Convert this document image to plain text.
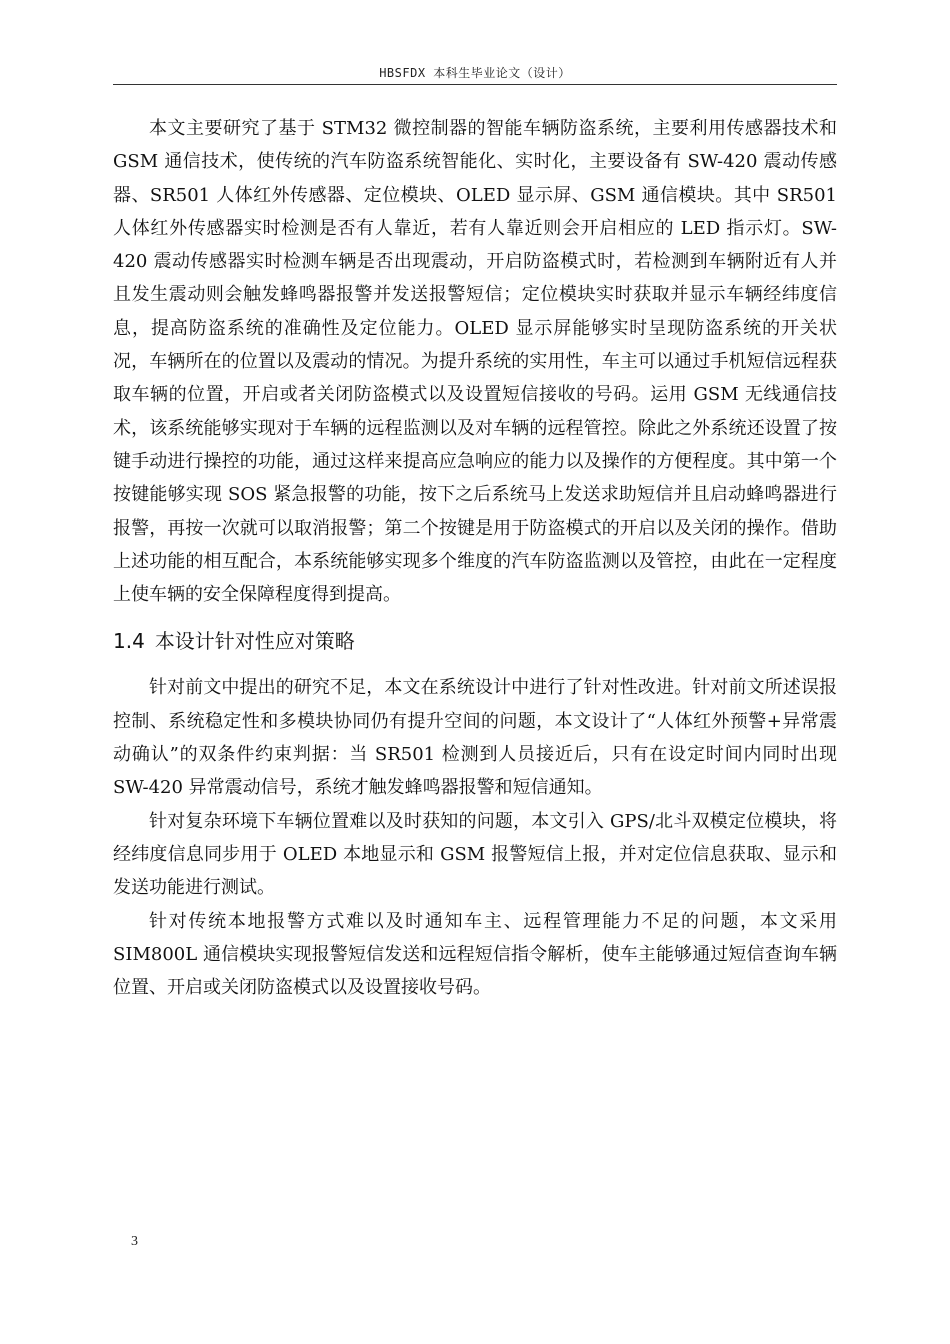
HBSFDX 本科生毕业论文（设计）

本文主要研究了基于 STM32 微控制器的智能车辆防盗系统，主要利用传感器技术和 GSM 通信技术，使传统的汽车防盗系统智能化、实时化，主要设备有 SW-420 震动传感器、SR501 人体红外传感器、定位模块、OLED 显示屏、GSM 通信模块。其中 SR501 人体红外传感器实时检测是否有人靠近，若有人靠近则会开启相应的 LED 指示灯。SW-420 震动传感器实时检测车辆是否出现震动，开启防盗模式时，若检测到车辆附近有人并且发生震动则会触发蜂鸣器报警并发送报警短信；定位模块实时获取并显示车辆经纬度信息，提高防盗系统的准确性及定位能力。OLED 显示屏能够实时呈现防盗系统的开关状况，车辆所在的位置以及震动的情况。为提升系统的实用性，车主可以通过手机短信远程获取车辆的位置，开启或者关闭防盗模式以及设置短信接收的号码。运用 GSM 无线通信技术，该系统能够实现对于车辆的远程监测以及对车辆的远程管控。除此之外系统还设置了按键手动进行操控的功能，通过这样来提高应急响应的能力以及操作的方便程度。其中第一个按键能够实现 SOS 紧急报警的功能，按下之后系统马上发送求助短信并且启动蜂鸣器进行报警，再按一次就可以取消报警；第二个按键是用于防盗模式的开启以及关闭的操作。借助上述功能的相互配合，本系统能够实现多个维度的汽车防盗监测以及管控，由此在一定程度上使车辆的安全保障程度得到提高。

1.4 本设计针对性应对策略

针对前文中提出的研究不足，本文在系统设计中进行了针对性改进。针对前文所述误报控制、系统稳定性和多模块协同仍有提升空间的问题，本文设计了“人体红外预警+异常震动确认”的双条件约束判据：当 SR501 检测到人员接近后，只有在设定时间内同时出现 SW-420 异常震动信号，系统才触发蜂鸣器报警和短信通知。

针对复杂环境下车辆位置难以及时获知的问题，本文引入 GPS/北斗双模定位模块，将经纬度信息同步用于 OLED 本地显示和 GSM 报警短信上报，并对定位信息获取、显示和发送功能进行测试。

针对传统本地报警方式难以及时通知车主、远程管理能力不足的问题，本文采用 SIM800L 通信模块实现报警短信发送和远程短信指令解析，使车主能够通过短信查询车辆位置、开启或关闭防盗模式以及设置接收号码。

3
